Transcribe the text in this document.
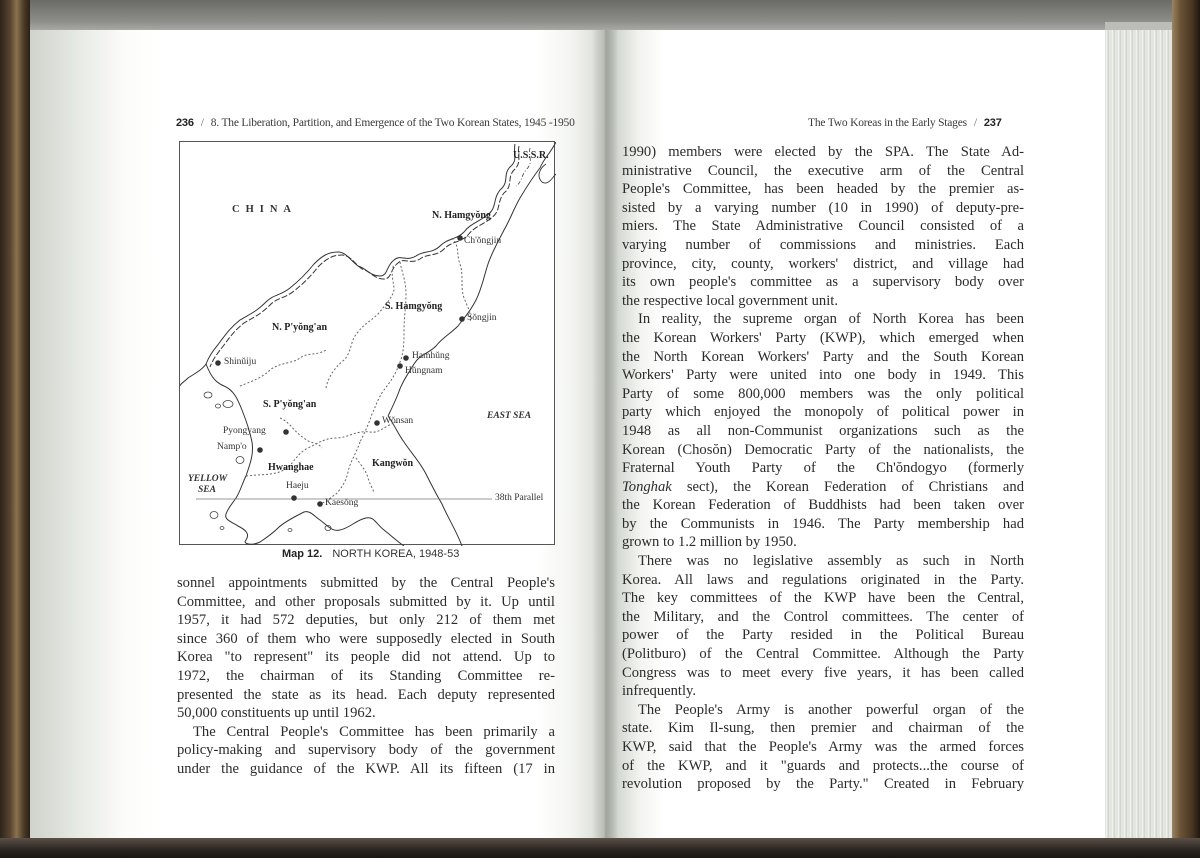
236 / 8. The Liberation, Partition, and Emergence of the Two Korean States, 1945 -1950	The Two Koreas in the Early Stages / 237
U.S.S.R.
CHINA
N. Hamgyŏng
Ch'ŏngjin
S. Hamgyŏng
Sŏngjin
N. P'yŏng'an
Shinŭiju
Hamhŭng
Hŭngnam
S. P'yŏng'an
Wŏnsan	EAST SEA
Pyongyang
Namp'o
Hwanghae	Kangwŏn
YELLOW
SEA	Haeju
Kaesŏng	38th Parallel
Map 12. NORTH KOREA, 1948-53
sonnel appointments submitted by the Central People's
Committee, and other proposals submitted by it. Up until
1957, it had 572 deputies, but only 212 of them met
since 360 of them who were supposedly elected in South
Korea "to represent" its people did not attend. Up to
1972, the chairman of its Standing Committee re-
presented the state as its head. Each deputy represented
50,000 constituents up until 1962.
The Central People's Committee has been primarily a
policy-making and supervisory body of the government
under the guidance of the KWP. All its fifteen (17 in
1990) members were elected by the SPA. The State Ad-
ministrative Council, the executive arm of the Central
People's Committee, has been headed by the premier as-
sisted by a varying number (10 in 1990) of deputy-pre-
miers. The State Administrative Council consisted of a
varying number of commissions and ministries. Each
province, city, county, workers' district, and village had
its own people's committee as a supervisory body over
the respective local government unit.
In reality, the supreme organ of North Korea has been
the Korean Workers' Party (KWP), which emerged when
the North Korean Workers' Party and the South Korean
Workers' Party were united into one body in 1949. This
Party of some 800,000 members was the only political
party which enjoyed the monopoly of political power in
1948 as all non-Communist organizations such as the
Korean (Chosŏn) Democratic Party of the nationalists, the
Fraternal Youth Party of the Ch'ŏndogyo (formerly
Tonghak sect), the Korean Federation of Christians and
the Korean Federation of Buddhists had been taken over
by the Communists in 1946. The Party membership had
grown to 1.2 million by 1950.
There was no legislative assembly as such in North
Korea. All laws and regulations originated in the Party.
The key committees of the KWP have been the Central,
the Military, and the Control committees. The center of
power of the Party resided in the Political Bureau
(Politburo) of the Central Committee. Although the Party
Congress was to meet every five years, it has been called
infrequently.
The People's Army is another powerful organ of the
state. Kim Il-sung, then premier and chairman of the
KWP, said that the People's Army was the armed forces
of the KWP, and it "guards and protects...the course of
revolution proposed by the Party." Created in February
